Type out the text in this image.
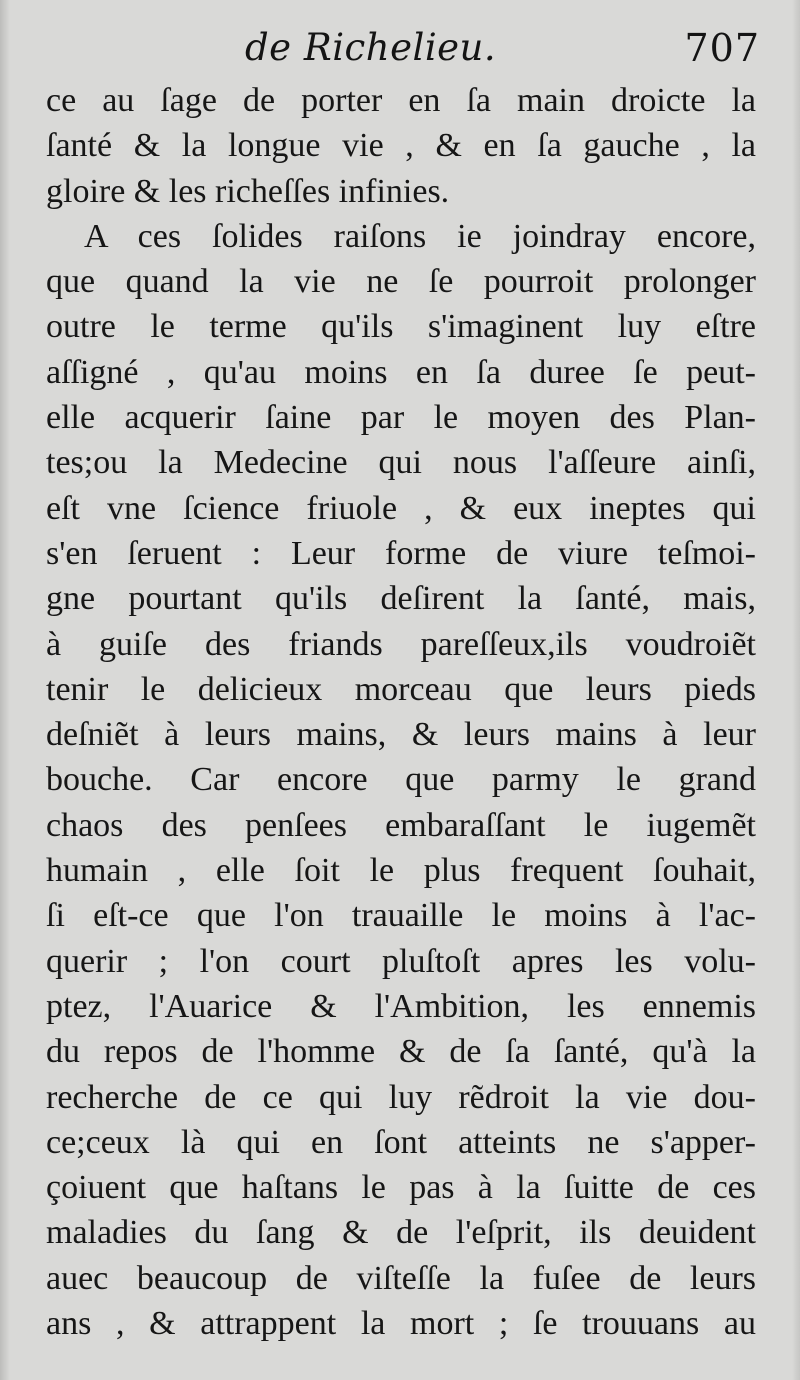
de Richelieu.	707
ce au ſage de porter en ſa main droicte la
ſanté & la longue vie , & en ſa gauche , la
gloire & les richeſſes infinies.
A ces ſolides raiſons ie joindray encore,
que quand la vie ne ſe pourroit prolonger
outre le terme qu'ils s'imaginent luy eſtre
aſſigné , qu'au moins en ſa duree ſe peut-
elle acquerir ſaine par le moyen des Plan-
tes;ou la Medecine qui nous l'aſſeure ainſi,
eſt vne ſcience friuole , & eux ineptes qui
s'en ſeruent : Leur forme de viure teſmoi-
gne pourtant qu'ils deſirent la ſanté, mais,
à guiſe des friands pareſſeux,ils voudroiẽt
tenir le delicieux morceau que leurs pieds
deſniẽt à leurs mains, & leurs mains à leur
bouche. Car encore que parmy le grand
chaos des penſees embaraſſant le iugemẽt
humain , elle ſoit le plus frequent ſouhait,
ſi eſt-ce que l'on trauaille le moins à l'ac-
querir ; l'on court pluſtoſt apres les volu-
ptez, l'Auarice & l'Ambition, les ennemis
du repos de l'homme & de ſa ſanté, qu'à la
recherche de ce qui luy rẽdroit la vie dou-
ce;ceux là qui en ſont atteints ne s'apper-
çoiuent que haſtans le pas à la ſuitte de ces
maladies du ſang & de l'eſprit, ils deuident
auec beaucoup de viſteſſe la fuſee de leurs
ans , & attrappent la mort ; ſe trouuans au
